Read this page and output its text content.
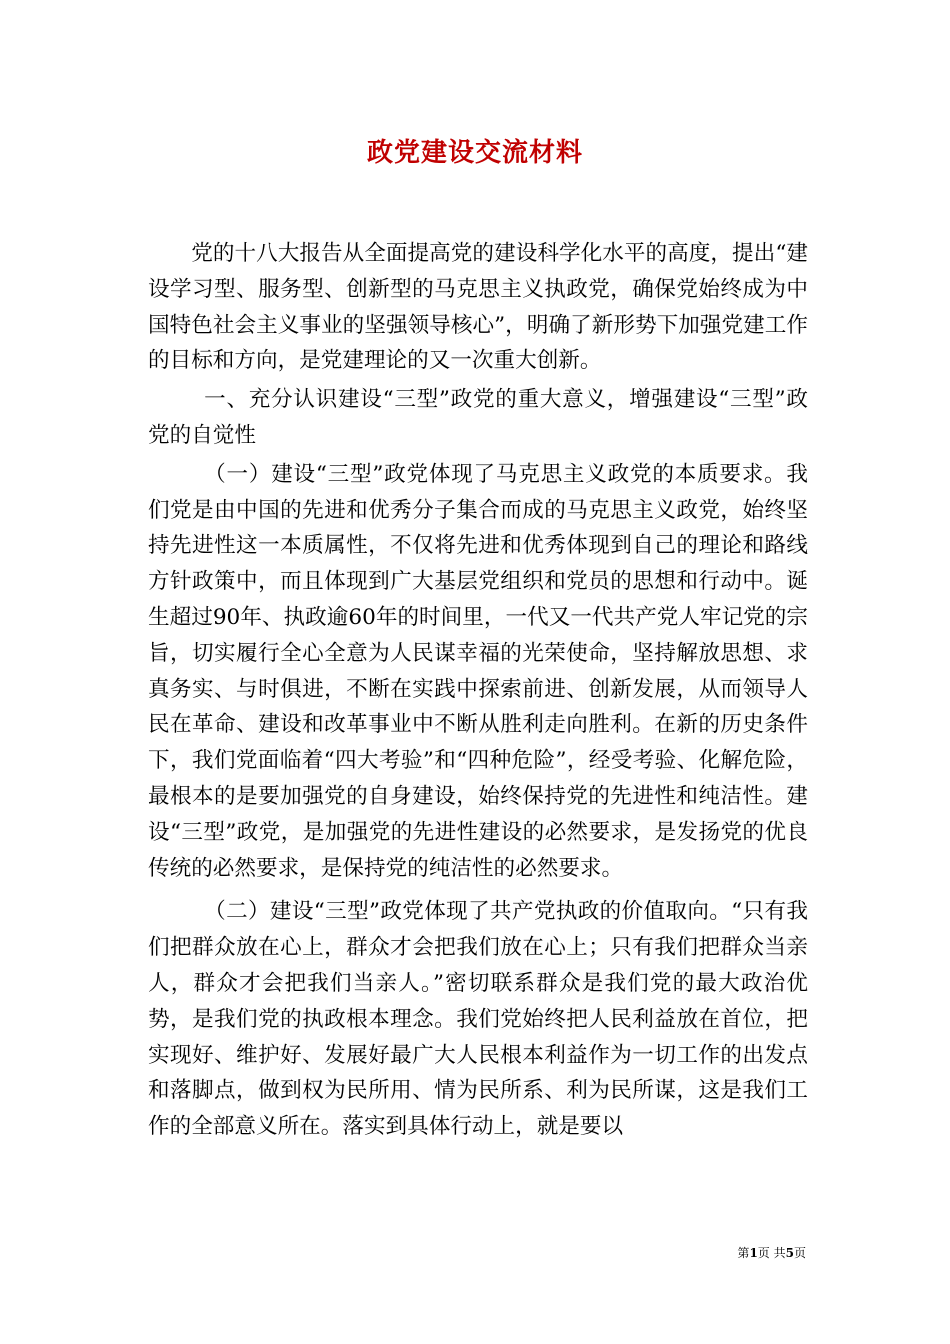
政党建设交流材料

党的十八大报告从全面提高党的建设科学化水平的高度，提出“建设学习型、服务型、创新型的马克思主义执政党，确保党始终成为中国特色社会主义事业的坚强领导核心”，明确了新形势下加强党建工作的目标和方向，是党建理论的又一次重大创新。

一、充分认识建设“三型”政党的重大意义，增强建设“三型”政党的自觉性

（一）建设“三型”政党体现了马克思主义政党的本质要求。我们党是由中国的先进和优秀分子集合而成的马克思主义政党，始终坚持先进性这一本质属性，不仅将先进和优秀体现到自己的理论和路线方针政策中，而且体现到广大基层党组织和党员的思想和行动中。诞生超过90年、执政逾60年的时间里，一代又一代共产党人牢记党的宗旨，切实履行全心全意为人民谋幸福的光荣使命，坚持解放思想、求真务实、与时俱进，不断在实践中探索前进、创新发展，从而领导人民在革命、建设和改革事业中不断从胜利走向胜利。在新的历史条件下，我们党面临着“四大考验”和“四种危险”，经受考验、化解危险，最根本的是要加强党的自身建设，始终保持党的先进性和纯洁性。建设“三型”政党，是加强党的先进性建设的必然要求，是发扬党的优良传统的必然要求，是保持党的纯洁性的必然要求。

（二）建设“三型”政党体现了共产党执政的价值取向。“只有我们把群众放在心上，群众才会把我们放在心上；只有我们把群众当亲人，群众才会把我们当亲人。”密切联系群众是我们党的最大政治优势，是我们党的执政根本理念。我们党始终把人民利益放在首位，把实现好、维护好、发展好最广大人民根本利益作为一切工作的出发点和落脚点，做到权为民所用、情为民所系、利为民所谋，这是我们工作的全部意义所在。落实到具体行动上，就是要以

第1页 共5页
